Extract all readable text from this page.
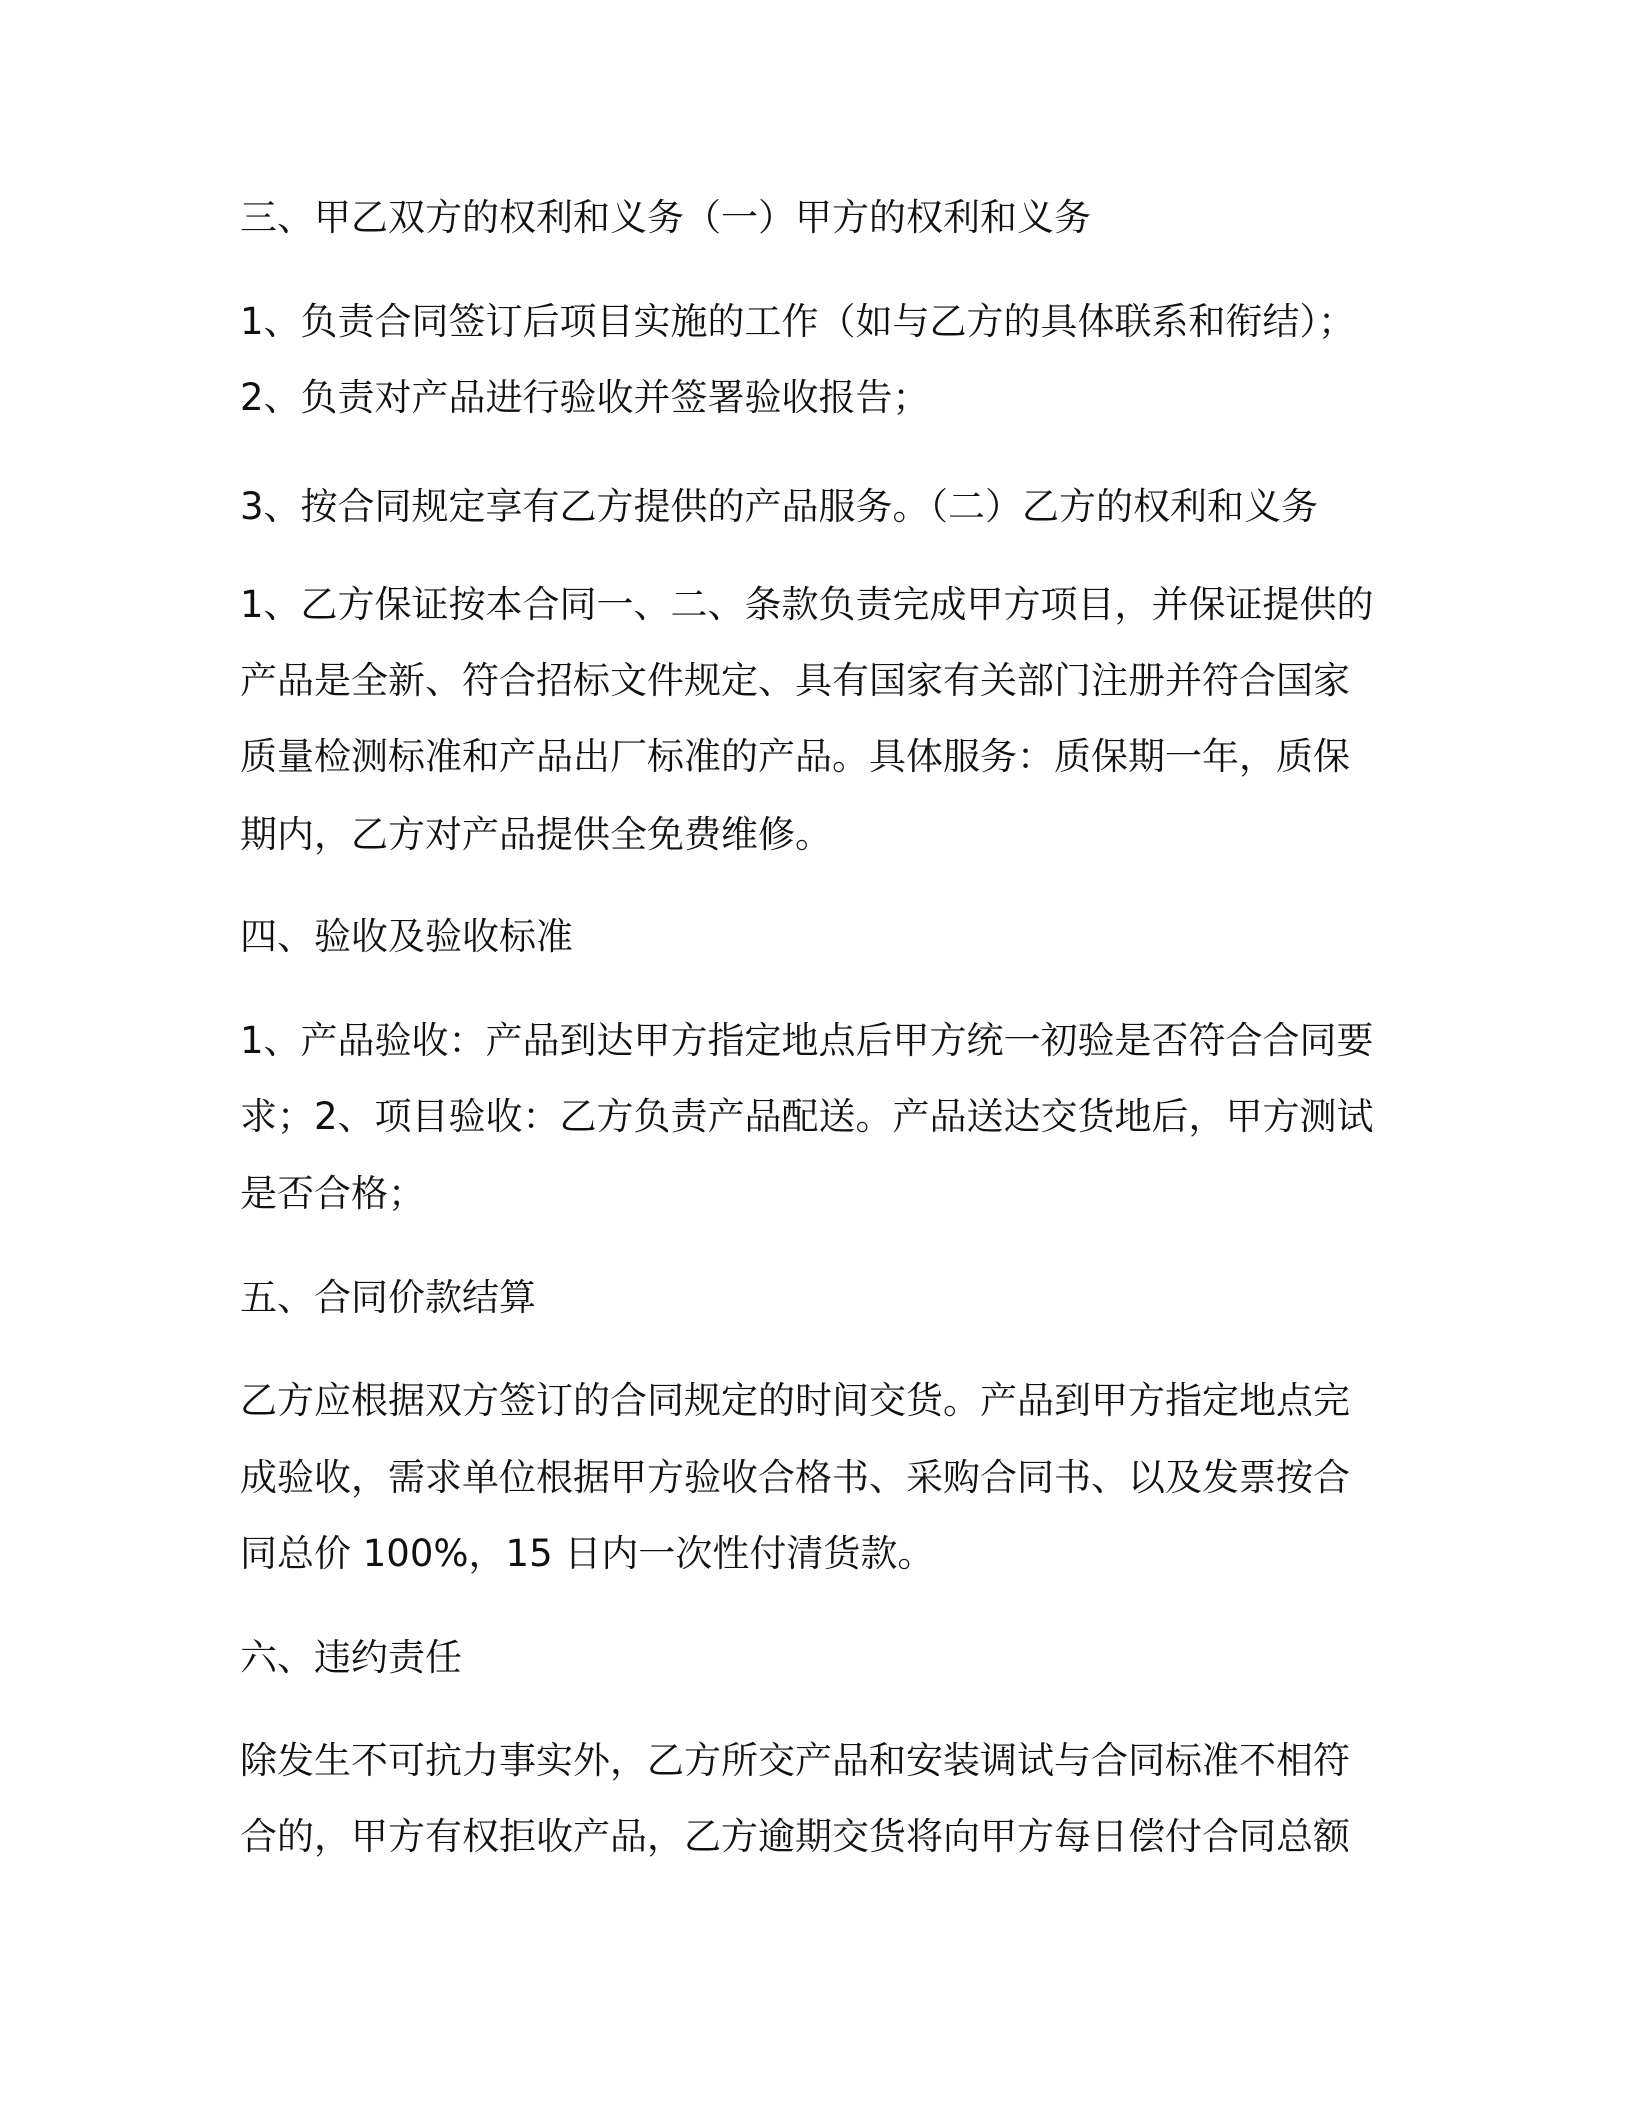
三、甲乙双方的权利和义务（一）甲方的权利和义务

1、负责合同签订后项目实施的工作（如与乙方的具体联系和衔结）；

2、负责对产品进行验收并签署验收报告；

3、按合同规定享有乙方提供的产品服务。（二）乙方的权利和义务

1、乙方保证按本合同一、二、条款负责完成甲方项目，并保证提供的

产品是全新、符合招标文件规定、具有国家有关部门注册并符合国家

质量检测标准和产品出厂标准的产品。具体服务：质保期一年，质保

期内，乙方对产品提供全免费维修。

四、验收及验收标准

1、产品验收：产品到达甲方指定地点后甲方统一初验是否符合合同要

求；2、项目验收：乙方负责产品配送。产品送达交货地后，甲方测试

是否合格；

五、合同价款结算

乙方应根据双方签订的合同规定的时间交货。产品到甲方指定地点完

成验收，需求单位根据甲方验收合格书、采购合同书、以及发票按合

同总价 100%，15 日内一次性付清货款。

六、违约责任

除发生不可抗力事实外，乙方所交产品和安装调试与合同标准不相符

合的，甲方有权拒收产品，乙方逾期交货将向甲方每日偿付合同总额
